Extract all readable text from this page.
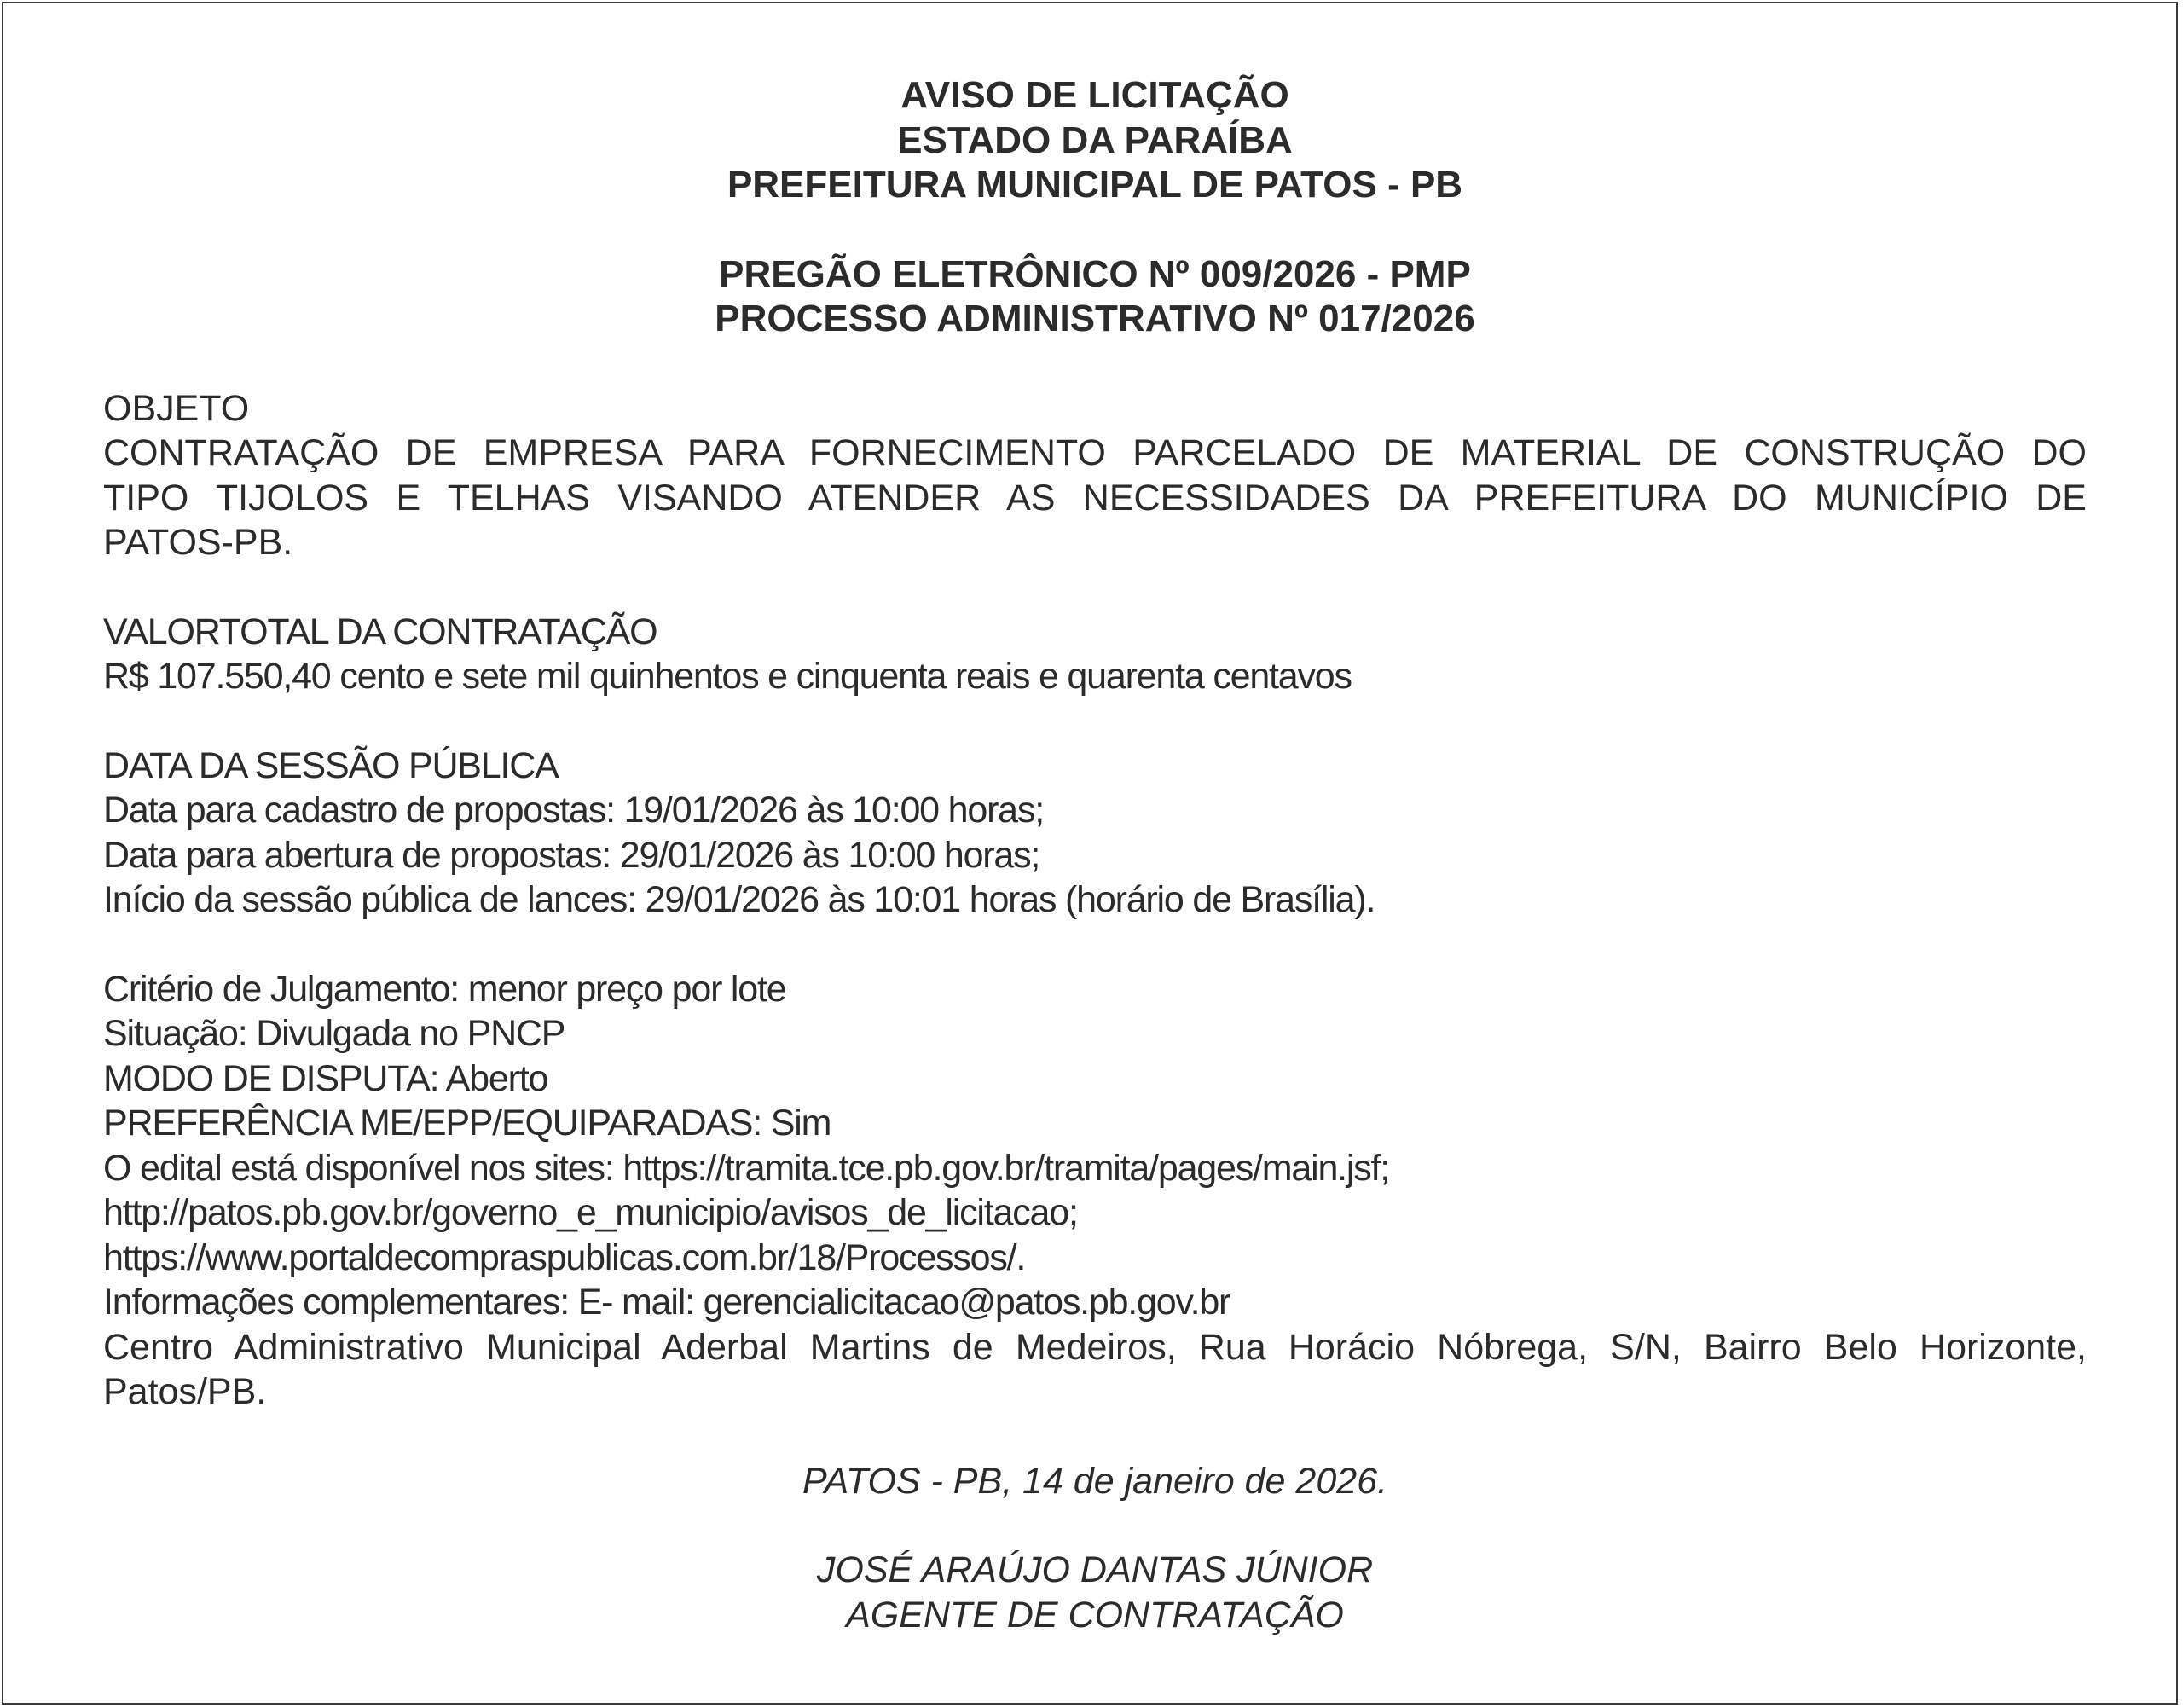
AVISO DE LICITAÇÃO
ESTADO DA PARAÍBA
PREFEITURA MUNICIPAL DE PATOS - PB
PREGÃO ELETRÔNICO Nº 009/2026 - PMP
PROCESSO ADMINISTRATIVO Nº 017/2026
OBJETO
CONTRATAÇÃO DE EMPRESA PARA FORNECIMENTO PARCELADO DE MATERIAL DE CONSTRUÇÃO DO
TIPO TIJOLOS E TELHAS VISANDO ATENDER AS NECESSIDADES DA PREFEITURA DO MUNICÍPIO DE
PATOS-PB.
VALORTOTAL DA CONTRATAÇÃO
R$ 107.550,40 cento e sete mil quinhentos e cinquenta reais e quarenta centavos
DATA DA SESSÃO PÚBLICA
Data para cadastro de propostas: 19/01/2026 às 10:00 horas;
Data para abertura de propostas: 29/01/2026 às 10:00 horas;
Início da sessão pública de lances: 29/01/2026 às 10:01 horas (horário de Brasília).
Critério de Julgamento: menor preço por lote
Situação: Divulgada no PNCP
MODO DE DISPUTA: Aberto
PREFERÊNCIA ME/EPP/EQUIPARADAS: Sim
O edital está disponível nos sites: https://tramita.tce.pb.gov.br/tramita/pages/main.jsf;
http://patos.pb.gov.br/governo_e_municipio/avisos_de_licitacao;
https://www.portaldecompraspublicas.com.br/18/Processos/.
Informações complementares: E- mail: gerencialicitacao@patos.pb.gov.br
Centro Administrativo Municipal Aderbal Martins de Medeiros, Rua Horácio Nóbrega, S/N, Bairro Belo Horizonte,
Patos/PB.
PATOS - PB, 14 de janeiro de 2026.
JOSÉ ARAÚJO DANTAS JÚNIOR
AGENTE DE CONTRATAÇÃO
